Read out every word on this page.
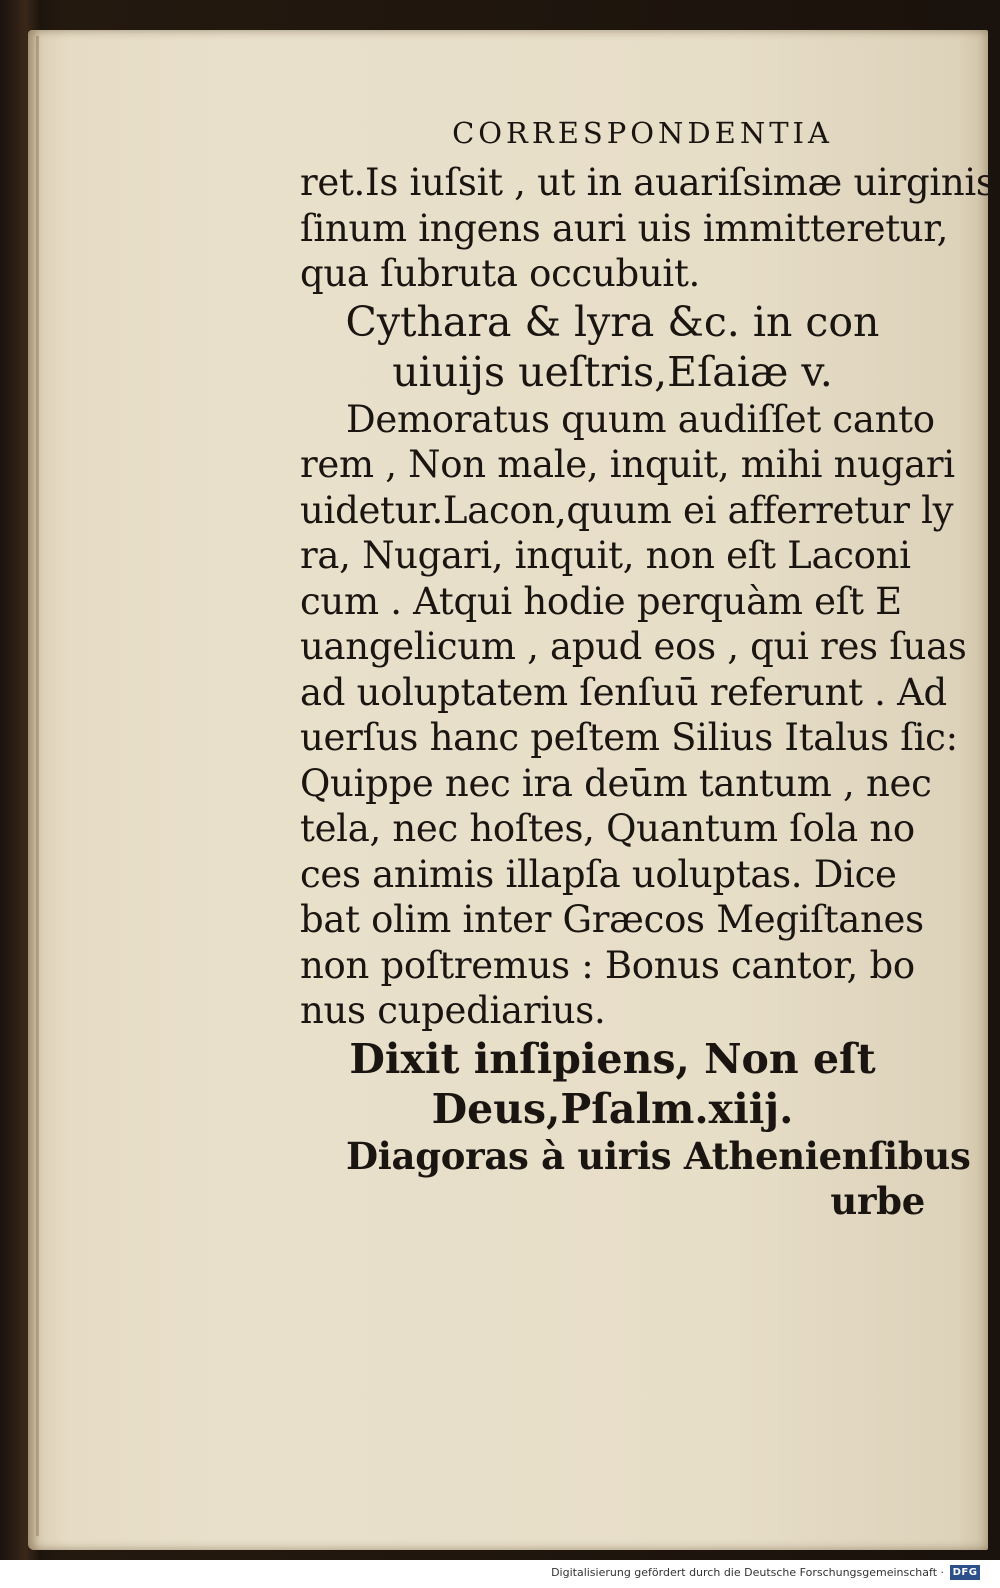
CORRESPONDENTIA
ret.Is iuſsit , ut in auariſsimæ uirginis
ſinum ingens auri uis immitteretur,
qua ſubruta occubuit.
Cythara & lyra &c. in con
uiuijs ueſtris,Eſaiæ v.
Demoratus quum audiſſet canto
rem , Non male, inquit, mihi nugari
uidetur.Lacon,quum ei afferretur ly
ra, Nugari, inquit, non eſt Laconi
cum . Atqui hodie perquàm eſt E
uangelicum , apud eos , qui res ſuas
ad uoluptatem ſenſuū referunt . Ad
uerſus hanc peſtem Silius Italus ſic:
Quippe nec ira deūm tantum , nec
tela, nec hoſtes, Quantum ſola no
ces animis illapſa uoluptas. Dice
bat olim inter Græcos Megiſtanes
non poſtremus : Bonus cantor, bo
nus cupediarius.
Dixit inſipiens, Non eſt
Deus,Pſalm.xiij.
Diagoras à uiris Athenienſibus
urbe
Digitalisierung gefördert durch die Deutsche Forschungsgemeinschaft · DFG
